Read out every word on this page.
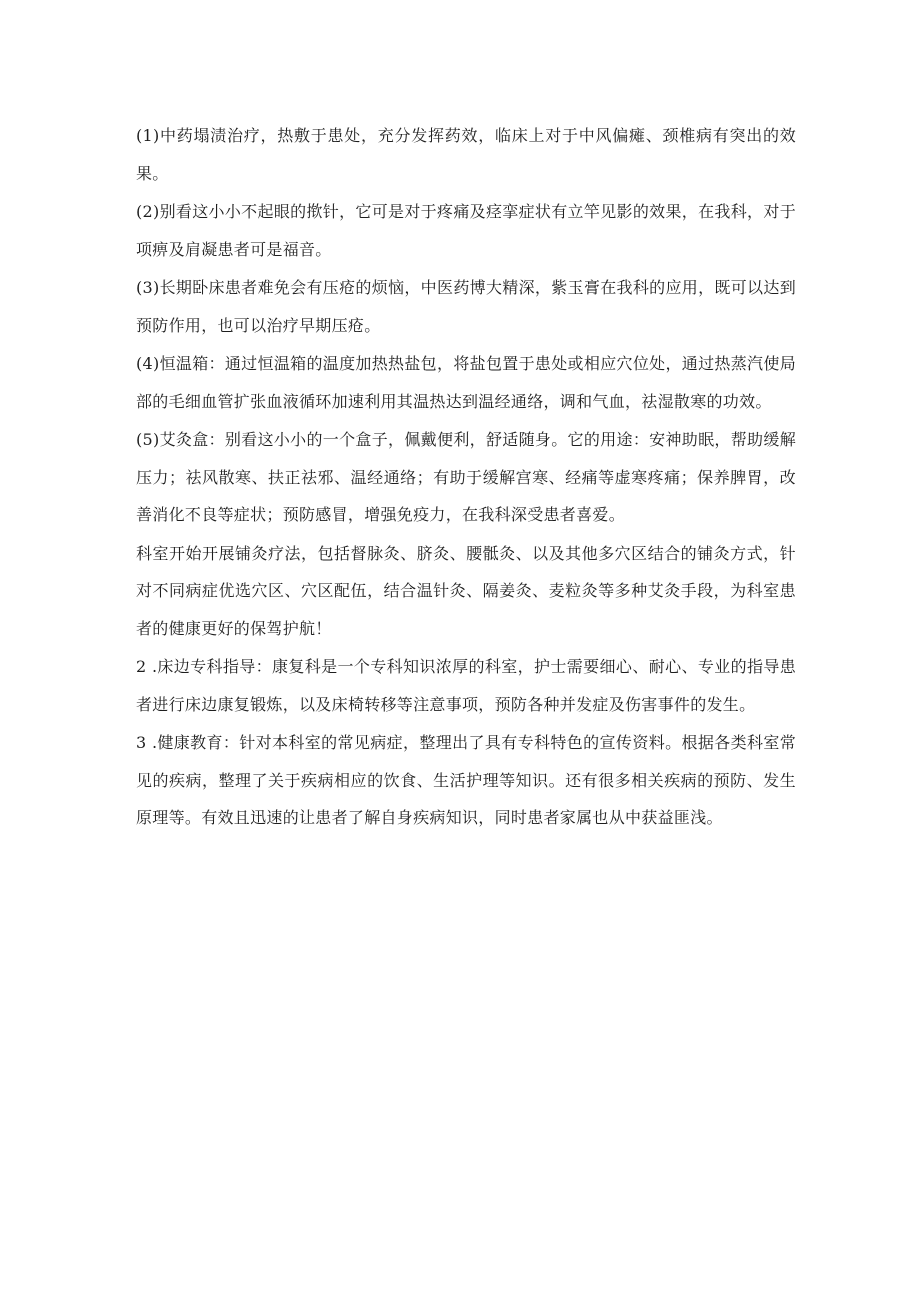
(1)中药塌渍治疗，热敷于患处，充分发挥药效，临床上对于中风偏瘫、颈椎病有突出的效果。

(2)别看这小小不起眼的揿针，它可是对于疼痛及痉挛症状有立竿见影的效果，在我科，对于项痹及肩凝患者可是福音。

(3)长期卧床患者难免会有压疮的烦恼，中医药博大精深，紫玉膏在我科的应用，既可以达到预防作用，也可以治疗早期压疮。

(4)恒温箱：通过恒温箱的温度加热热盐包，将盐包置于患处或相应穴位处，通过热蒸汽使局部的毛细血管扩张血液循环加速利用其温热达到温经通络，调和气血，祛湿散寒的功效。

(5)艾灸盒：别看这小小的一个盒子，佩戴便利，舒适随身。它的用途：安神助眠，帮助缓解压力；祛风散寒、扶正祛邪、温经通络；有助于缓解宫寒、经痛等虚寒疼痛；保养脾胃，改善消化不良等症状；预防感冒，增强免疫力，在我科深受患者喜爱。

科室开始开展铺灸疗法，包括督脉灸、脐灸、腰骶灸、以及其他多穴区结合的铺灸方式，针对不同病症优选穴区、穴区配伍，结合温针灸、隔姜灸、麦粒灸等多种艾灸手段，为科室患者的健康更好的保驾护航！

2 .床边专科指导：康复科是一个专科知识浓厚的科室，护士需要细心、耐心、专业的指导患者进行床边康复锻炼，以及床椅转移等注意事项，预防各种并发症及伤害事件的发生。

3 .健康教育：针对本科室的常见病症，整理出了具有专科特色的宣传资料。根据各类科室常见的疾病，整理了关于疾病相应的饮食、生活护理等知识。还有很多相关疾病的预防、发生原理等。有效且迅速的让患者了解自身疾病知识，同时患者家属也从中获益匪浅。
